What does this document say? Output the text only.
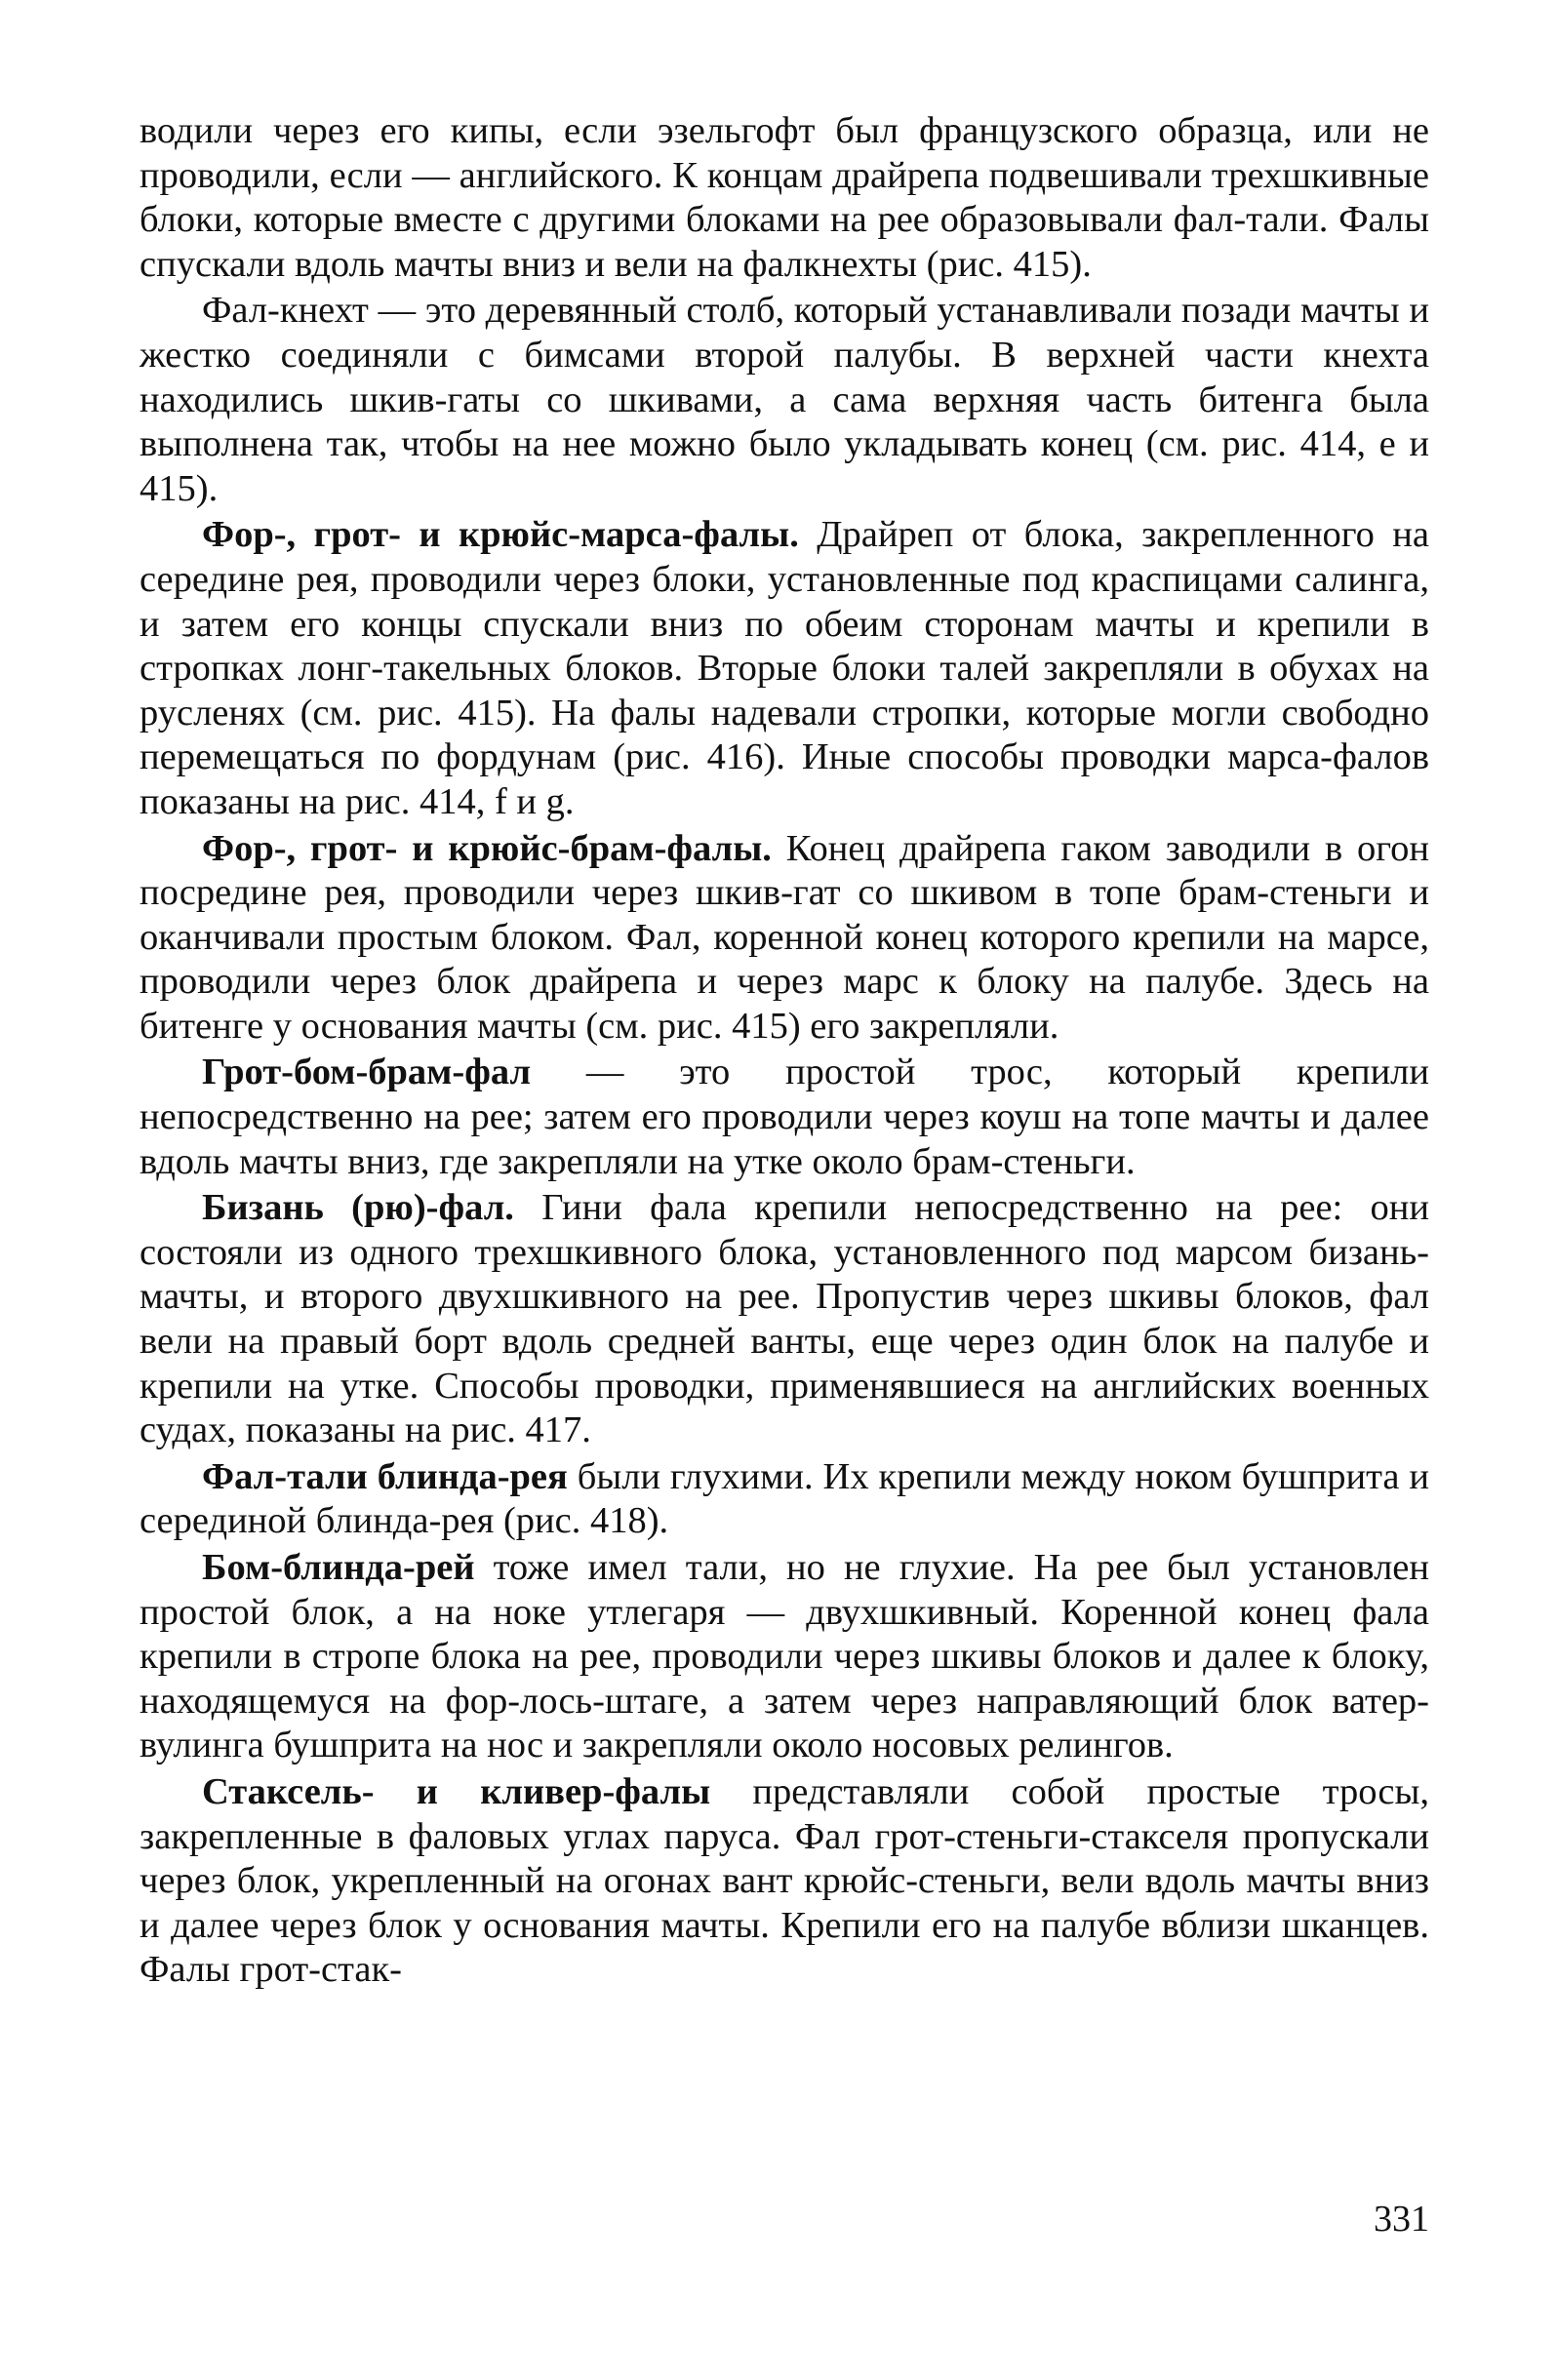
водили через его кипы, если эзельгофт был французского образца, или не проводили, если — английского. К концам драйрепа подвешивали трехшкивные блоки, которые вместе с другими блоками на рее образовывали фал-тали. Фалы спускали вдоль мачты вниз и вели на фалкнехты (рис. 415).

Фал-кнехт — это деревянный столб, который устанавливали позади мачты и жестко соединяли с бимсами второй палубы. В верхней части кнехта находились шкив-гаты со шкивами, а сама верхняя часть битенга была выполнена так, чтобы на нее можно было укладывать конец (см. рис. 414, е и 415).

Фор-, грот- и крюйс-марса-фалы. Драйреп от блока, закрепленного на середине рея, проводили через блоки, установленные под краспицами салинга, и затем его концы спускали вниз по обеим сторонам мачты и крепили в стропках лонг-такельных блоков. Вторые блоки талей закрепляли в обухах на русленях (см. рис. 415). На фалы надевали стропки, которые могли свободно перемещаться по фордунам (рис. 416). Иные способы проводки марса-фалов показаны на рис. 414, f и g.

Фор-, грот- и крюйс-брам-фалы. Конец драйрепа гаком заводили в огон посредине рея, проводили через шкив-гат со шкивом в топе брам-стеньги и оканчивали простым блоком. Фал, коренной конец которого крепили на марсе, проводили через блок драйрепа и через марс к блоку на палубе. Здесь на битенге у основания мачты (см. рис. 415) его закрепляли.

Грот-бом-брам-фал — это простой трос, который крепили непосредственно на рее; затем его проводили через коуш на топе мачты и далее вдоль мачты вниз, где закрепляли на утке около брам-стеньги.

Бизань (рю)-фал. Гини фала крепили непосредственно на рее: они состояли из одного трехшкивного блока, установленного под марсом бизань-мачты, и второго двухшкивного на рее. Пропустив через шкивы блоков, фал вели на правый борт вдоль средней ванты, еще через один блок на палубе и крепили на утке. Способы проводки, применявшиеся на английских военных судах, показаны на рис. 417.

Фал-тали блинда-рея были глухими. Их крепили между ноком бушприта и серединой блинда-рея (рис. 418).

Бом-блинда-рей тоже имел тали, но не глухие. На рее был установлен простой блок, а на ноке утлегаря — двухшкивный. Коренной конец фала крепили в стропе блока на рее, проводили через шкивы блоков и далее к блоку, находящемуся на фор-лось-штаге, а затем через направляющий блок ватер-вулинга бушприта на нос и закрепляли около носовых релингов.

Стаксель- и кливер-фалы представляли собой простые тросы, закрепленные в фаловых углах паруса. Фал грот-стеньги-стакселя пропускали через блок, укрепленный на огонах вант крюйс-стеньги, вели вдоль мачты вниз и далее через блок у основания мачты. Крепили его на палубе вблизи шканцев. Фалы грот-стак-

331
